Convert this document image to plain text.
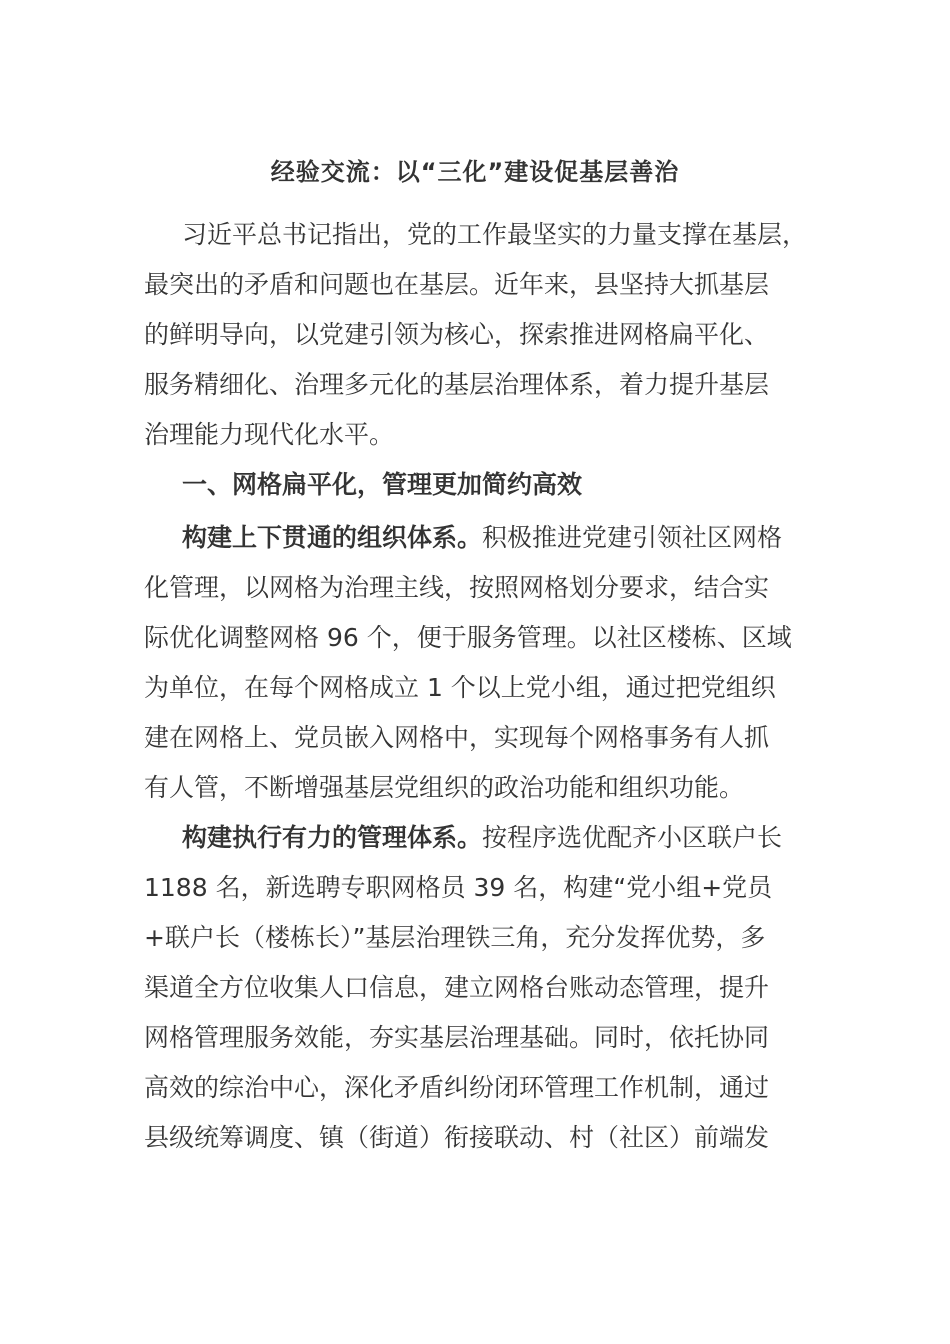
经验交流：以“三化”建设促基层善治
习近平总书记指出，党的工作最坚实的力量支撑在基层，
最突出的矛盾和问题也在基层。近年来，县坚持大抓基层
的鲜明导向，以党建引领为核心，探索推进网格扁平化、
服务精细化、治理多元化的基层治理体系，着力提升基层
治理能力现代化水平。
一、网格扁平化，管理更加简约高效
构建上下贯通的组织体系。积极推进党建引领社区网格
化管理，以网格为治理主线，按照网格划分要求，结合实
际优化调整网格 96 个，便于服务管理。以社区楼栋、区域
为单位，在每个网格成立 1 个以上党小组，通过把党组织
建在网格上、党员嵌入网格中，实现每个网格事务有人抓
有人管，不断增强基层党组织的政治功能和组织功能。
构建执行有力的管理体系。按程序选优配齐小区联户长
1188 名，新选聘专职网格员 39 名，构建“党小组+党员
+联户长（楼栋长）”基层治理铁三角，充分发挥优势，多
渠道全方位收集人口信息，建立网格台账动态管理，提升
网格管理服务效能，夯实基层治理基础。同时，依托协同
高效的综治中心，深化矛盾纠纷闭环管理工作机制，通过
县级统筹调度、镇（街道）衔接联动、村（社区）前端发
